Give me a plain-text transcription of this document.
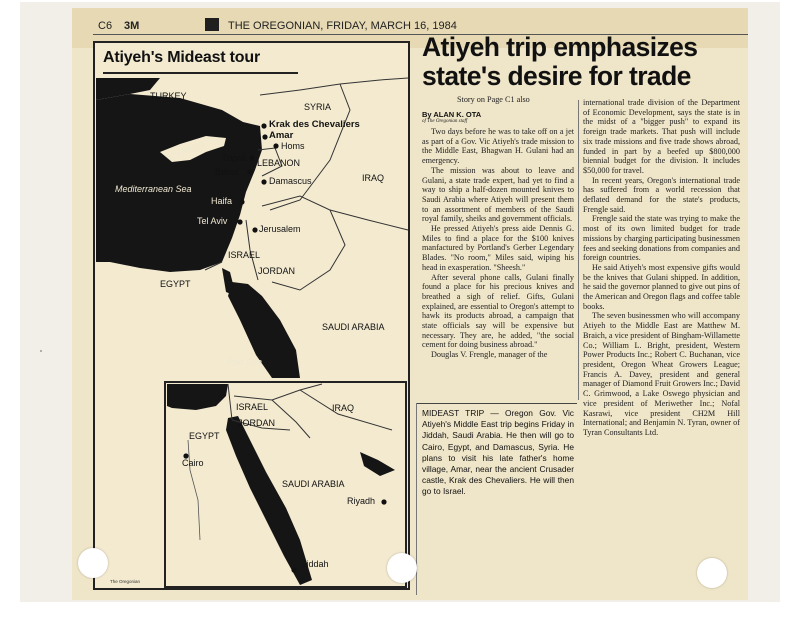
C6 3M	THE OREGONIAN, FRIDAY, MARCH 16, 1984
Atiyeh's Mideast tour
TURKEY
SYRIA
CYPRUS
Krak des Chevaliers
Amar
Homs
Tripoli LEBANON
Beirut
Damascus	IRAQ
Mediterranean Sea
Haifa
Tel Aviv
Jerusalem
ISRAEL
JORDAN
EGYPT
SAUDI ARABIA
Red Sea
ISRAEL
JORDAN
IRAQ
EGYPT
Cairo
SAUDI ARABIA
Riyadh
Jiddah
The Oregonian
Atiyeh trip emphasizes state's desire for trade
Story on Page C1 also
By ALAN K. OTA
of The Oregonian staff

Two days before he was to take off on a jet as part of a Gov. Vic Atiyeh's trade mission to the Middle East, Bhagwan H. Gulani had an emergency.

The mission was about to leave and Gulani, a state trade expert, had yet to find a way to ship a half-dozen mounted knives to Saudi Arabia where Atiyeh will present them to an assortment of members of the Saudi royal family, sheiks and government officials.

He pressed Atiyeh's press aide Dennis G. Miles to find a place for the $100 knives manfactured by Portland's Gerber Legendary Blades. "No room," Miles said, wiping his head in exasperation. "Sheesh."

After several phone calls, Gulani finally found a place for his precious knives and breathed a sigh of relief. Gifts, Gulani explained, are essential to Oregon's attempt to hawk its products abroad, a campaign that state officials say will be expensive but necessary. They are, he added, "the social cement for doing business abroad."

Douglas V. Frengle, manager of the

international trade division of the Department of Economic Development, says the state is in the midst of a "bigger push" to expand its foreign trade markets. That push will include six trade missions and five trade shows abroad, funded in part by a beefed up $800,000 biennial budget for the division. It includes $50,000 for travel.

In recent years, Oregon's international trade has suffered from a world recession that deflated demand for the state's products, Frengle said.

Frengle said the state was trying to make the most of its own limited budget for trade missions by charging participating businessmen fees and seeking donations from companies and foreign countries.

He said Atiyeh's most expensive gifts would be the knives that Gulani shipped. In addition, he said the governor planned to give out pins of the American and Oregon flags and coffee table books.

The seven businessmen who will accompany Atiyeh to the Middle East are Matthew M. Braich, a vice president of Bingham-Willamette Co.; William L. Bright, president, Western Power Products Inc.; Robert C. Buchanan, vice president, Oregon Wheat Growers League; Francis A. Davey, president and general manager of Diamond Fruit Growers Inc.; David C. Grimwood, a Lake Oswego physician and vice president of Meriwether Inc.; Nofal Kasrawi, vice president CH2M Hill International; and Benjamin N. Tyran, owner of Tyran Consultants Ltd.

MIDEAST TRIP — Oregon Gov. Vic Atiyeh's Middle East trip begins Friday in Jiddah, Saudi Arabia. He then will go to Cairo, Egypt, and Damascus, Syria. He plans to visit his late father's home village, Amar, near the ancient Crusader castle, Krak des Chevaliers. He will then go to Israel.
